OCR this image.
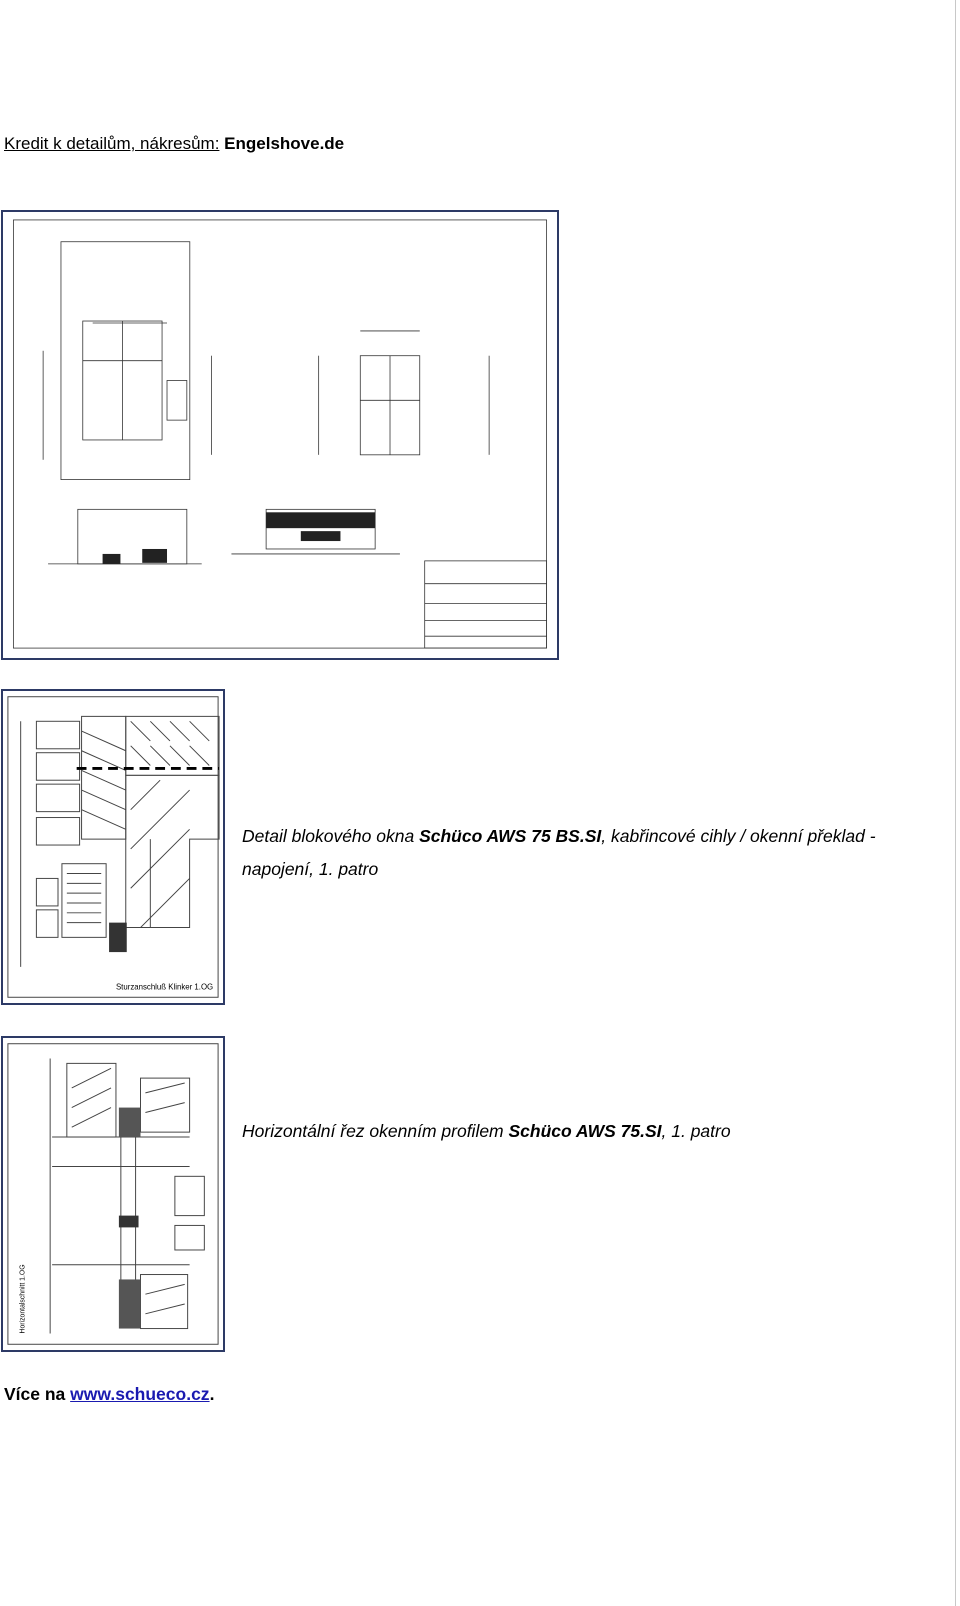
Kredit k detailům, nákresům: Engelshove.de
Sturzanschluß Klinker 1.OG
Detail blokového okna Schüco AWS 75 BS.SI, kabřincové cihly / okenní překlad - napojení, 1. patro
Horizontalschnitt 1.OG
Horizontální řez okenním profilem Schüco AWS 75.SI, 1. patro
Více na www.schueco.cz.
